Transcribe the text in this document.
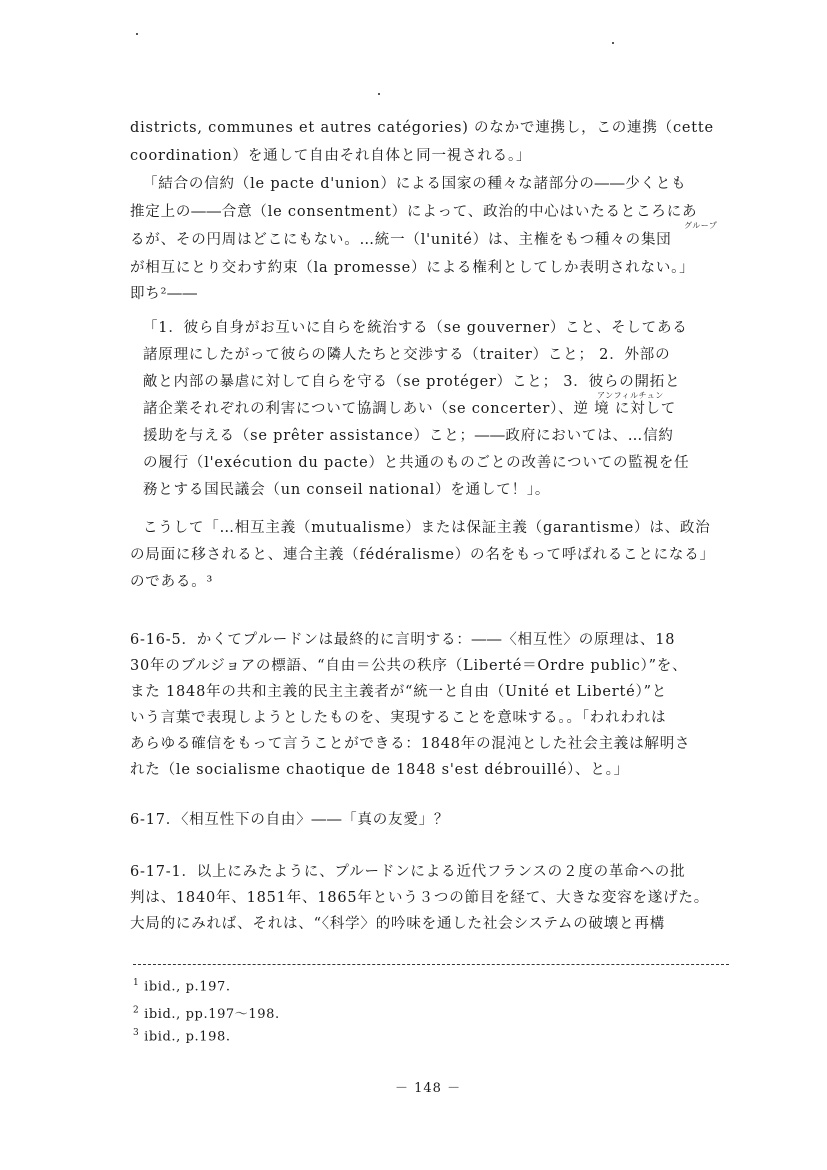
districts, communes et autres catégories) のなかで連携し，この連携（cette
coordination）を通して自由それ自体と同一視される。」
「結合の信約（le pacte d'union）による国家の種々な諸部分の――少くとも
推定上の――合意（le consentment）によって、政治的中心はいたるところにあ
グループ
るが、その円周はどこにもない。…統一（l'unité）は、主権をもつ種々の集団
が相互にとり交わす約束（la promesse）による権利としてしか表明されない。」
即ち²――
「1．彼ら自身がお互いに自らを統治する（se gouverner）こと、そしてある
諸原理にしたがって彼らの隣人たちと交渉する（traiter）こと； 2．外部の
敵と内部の暴虐に対して自らを守る（se protéger）こと； 3．彼らの開拓と
アンフィルチュン
諸企業それぞれの利害について協調しあい（se concerter）、逆 境 に対して
援助を与える（se prêter assistance）こと；――政府においては、…信約
の履行（l'exécution du pacte）と共通のものごとの改善についての監視を任
務とする国民議会（un conseil national）を通して！」。
こうして「…相互主義（mutualisme）または保証主義（garantisme）は、政治
の局面に移されると、連合主義（fédéralisme）の名をもって呼ばれることになる」
のである。³
6-16-5．かくてプルードンは最終的に言明する：――〈相互性〉の原理は、18
30年のブルジョアの標語、“自由＝公共の秩序（Liberté＝Ordre public）”を、
また 1848年の共和主義的民主主義者が“統一と自由（Unité et Liberté）”と
いう言葉で表現しようとしたものを、実現することを意味する。。「われわれは
あらゆる確信をもって言うことができる：1848年の混沌とした社会主義は解明さ
れた（le socialisme chaotique de 1848 s'est débrouillé）、と。」
6-17．〈相互性下の自由〉――「真の友愛」？
6-17-1．以上にみたように、プルードンによる近代フランスの２度の革命への批
判は、1840年、1851年、1865年という３つの節目を経て、大きな変容を遂げた。
大局的にみれば、それは、“〈科学〉的吟味を通した社会システムの破壊と再構
$^1$ ibid., p.197.
$^2$ ibid., pp.197～198.
$^3$ ibid., p.198.
－ 148 －
